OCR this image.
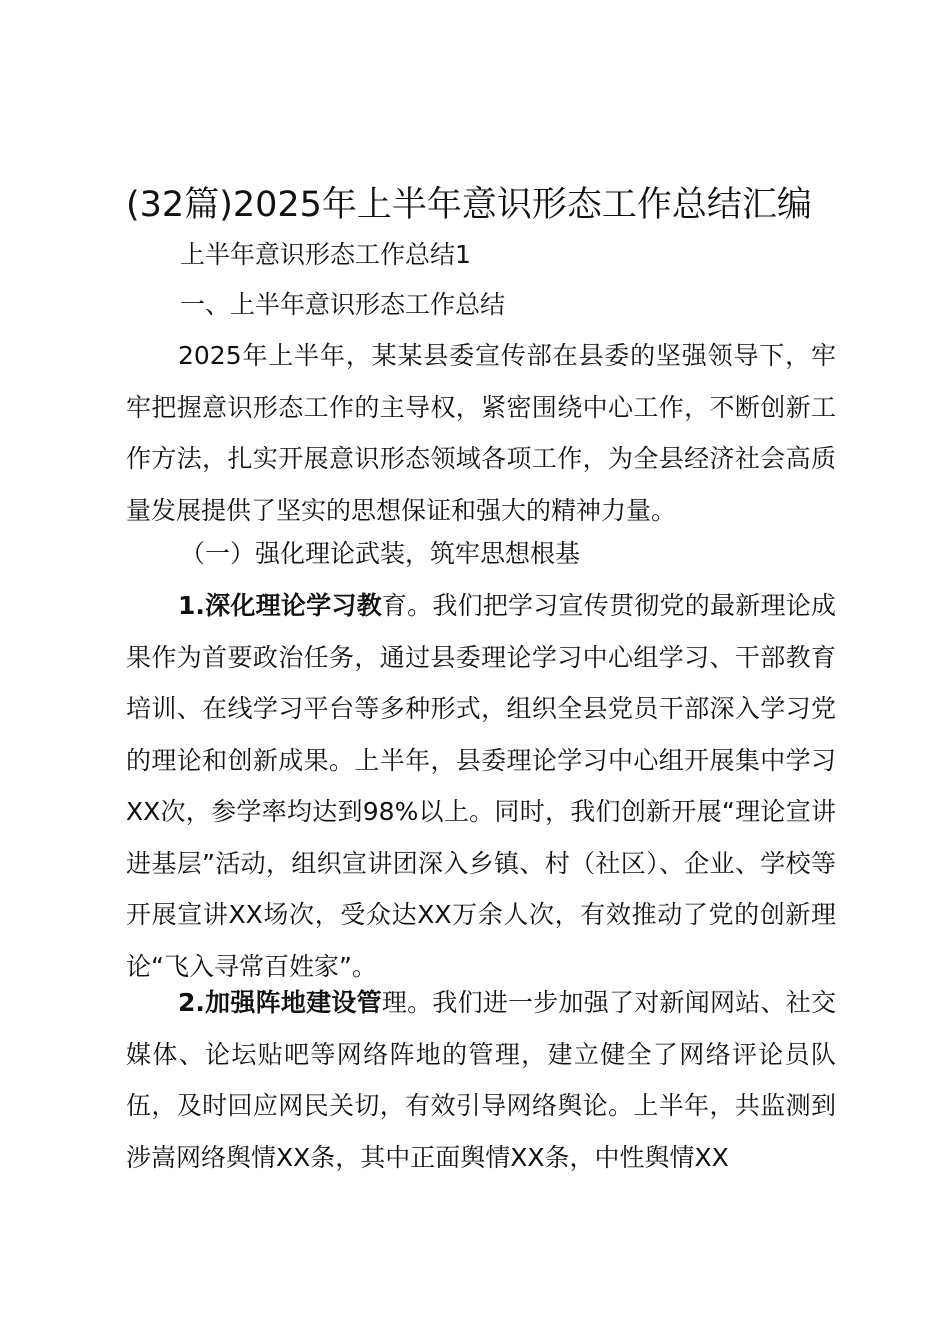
(32篇)2025年上半年意识形态工作总结汇编
上半年意识形态工作总结1
一、上半年意识形态工作总结

2025年上半年，某某县委宣传部在县委的坚强领导下，牢牢把握意识形态工作的主导权，紧密围绕中心工作，不断创新工作方法，扎实开展意识形态领域各项工作，为全县经济社会高质量发展提供了坚实的思想保证和强大的精神力量。

（一）强化理论武装，筑牢思想根基

1.深化理论学习教育。我们把学习宣传贯彻党的最新理论成果作为首要政治任务，通过县委理论学习中心组学习、干部教育培训、在线学习平台等多种形式，组织全县党员干部深入学习党的理论和创新成果。上半年，县委理论学习中心组开展集中学习XX次，参学率均达到98%以上。同时，我们创新开展“理论宣讲进基层”活动，组织宣讲团深入乡镇、村（社区）、企业、学校等开展宣讲XX场次，受众达XX万余人次，有效推动了党的创新理论“飞入寻常百姓家”。

2.加强阵地建设管理。我们进一步加强了对新闻网站、社交媒体、论坛贴吧等网络阵地的管理，建立健全了网络评论员队伍，及时回应网民关切，有效引导网络舆论。上半年，共监测到涉嵩网络舆情XX条，其中正面舆情XX条，中性舆情XX
